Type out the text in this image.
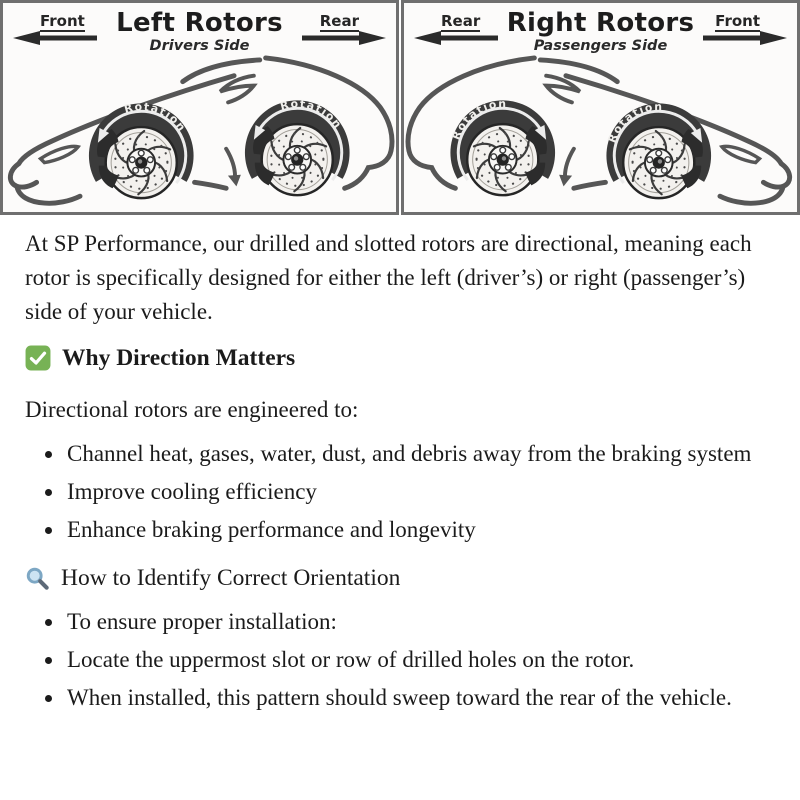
Front	Left Rotors
Drivers Side
Rear
Rotation
Rotation
Rear Right Rotors
Passengers Side
Front
Rotation
Rotation

At SP Performance, our drilled and slotted rotors are directional, meaning each rotor is specifically designed for either the left (driver’s) or right (passenger’s) side of your vehicle.

Why Direction Matters

Directional rotors are engineered to:

• Channel heat, gases, water, dust, and debris away from the braking system
• Improve cooling efficiency
• Enhance braking performance and longevity
How to Identify Correct Orientation
• To ensure proper installation:
• Locate the uppermost slot or row of drilled holes on the rotor.
• When installed, this pattern should sweep toward the rear of the vehicle.
